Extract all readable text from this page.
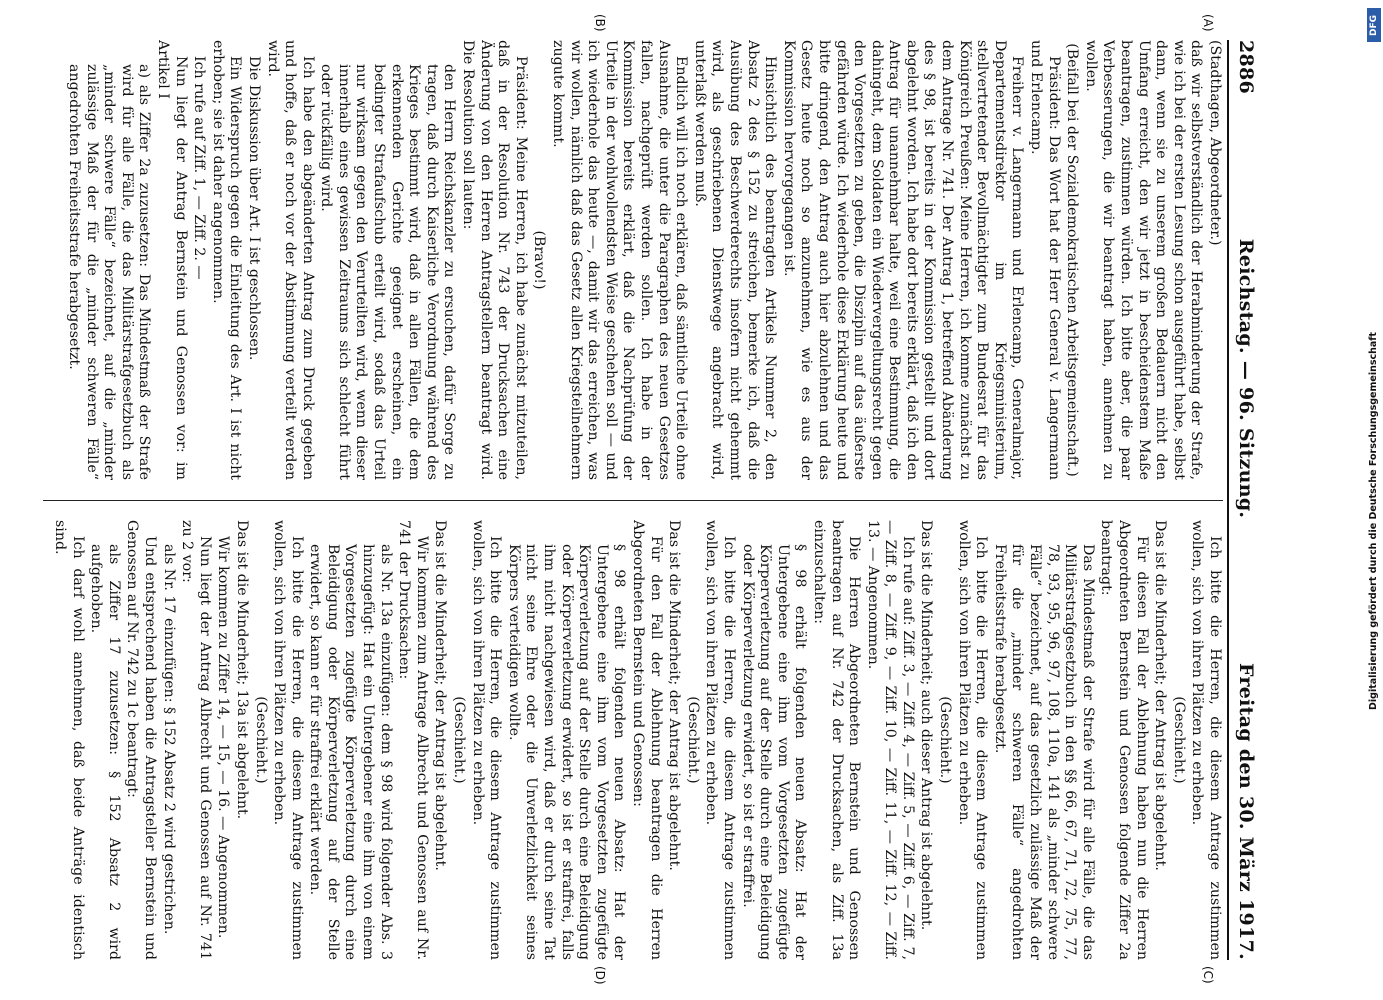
2886
Reichstag. — 96. Sitzung.
Freitag den 30. März 1917.
(A)
(B)
(C)
(D)

(Stadthagen, Abgeordneter.)

daß wir selbstverständlich der Herabminderung der Strafe, wie ich bei der ersten Lesung schon ausgeführt habe, selbst dann, wenn sie zu unserem großen Bedauern nicht den Umfang erreicht, den wir jetzt in bescheidenstem Maße beantragen, zustimmen würden. Ich bitte aber, die paar Verbesserungen, die wir beantragt haben, annehmen zu wollen.

(Beifall bei der Sozialdemokratischen Arbeitsgemeinschaft.)

Präsident: Das Wort hat der Herr General v. Langermann und Erlencamp.

Freiherr v. Langermann und Erlencamp, Generalmajor, Departementsdirektor im Kriegsministerium, stellvertretender Bevollmächtigter zum Bundesrat für das Königreich Preußen: Meine Herren, ich komme zunächst zu dem Antrage Nr. 741. Der Antrag 1, betreffend Abänderung des § 98, ist bereits in der Kommission gestellt und dort abgelehnt worden. Ich habe dort bereits erklärt, daß ich den Antrag für unannehmbar halte, weil eine Bestimmung, die dahingeht, dem Soldaten ein Wiedervergeltungsrecht gegen den Vorgesetzten zu geben, die Disziplin auf das äußerste gefährden würde. Ich wiederhole diese Erklärung heute und bitte dringend, den Antrag auch hier abzulehnen und das Gesetz heute noch so anzunehmen, wie es aus der Kommission hervorgegangen ist.

Hinsichtlich des beantragten Artikels Nummer 2, den Absatz 2 des § 152 zu streichen, bemerke ich, daß die Ausübung des Beschwerderechts insofern nicht gehemmt wird, als geschriebenen Dienstwege angebracht wird, unterlaßt werden muß.

Endlich will ich noch erklären, daß sämtliche Urteile ohne Ausnahme, die unter die Paragraphen des neuen Gesetzes fallen, nachgeprüft werden sollen. Ich habe in der Kommission bereits erklärt, daß die Nachprüfung der Urteile in der wohlwollendsten Weise geschehen soll — und ich wiederhole das heute —, damit wir das erreichen, was wir wollen, nämlich daß das Gesetz allen Kriegsteilnehmern zugute kommt.

(Bravo!)

Präsident: Meine Herren, ich habe zunächst mitzuteilen, daß in der Resolution Nr. 743 der Drucksachen eine Änderung von den Herren Antragstellern beantragt wird. Die Resolution soll lauten:

den Herrn Reichskanzler zu ersuchen, dafür Sorge zu tragen, daß durch Kaiserliche Verordnung während des Krieges bestimmt wird, daß in allen Fällen, die dem erkennenden Gerichte geeignet erscheinen, ein bedingter Strafaufschub erteilt wird, sodaß das Urteil nur wirksam gegen den Verurteilten wird, wenn dieser innerhalb eines gewissen Zeitraums sich schlecht führt oder rückfällig wird.

Ich habe den abgeänderten Antrag zum Druck gegeben und hoffe, daß er noch vor der Abstimmung verteilt werden wird.

Die Diskussion über Art. I ist geschlossen.

Ein Widerspruch gegen die Einleitung des Art. I ist nicht erhoben; sie ist daher angenommen.

Ich rufe auf Ziff. 1, — Ziff. 2. —

Nun liegt der Antrag Bernstein und Genossen vor: im Artikel I

a) als Ziffer 2a zuzusetzen: Das Mindestmaß der Strafe wird für alle Fälle, die das Militärstrafgesetzbuch als „minder schwere Fälle“ bezeichnet, auf die „minder zulässige Maß der für die „minder schweren Fälle“ angedrohten Freiheitsstrafe herabgesetzt.

Ich bitte die Herren, die diesem Antrage zustimmen wollen, sich von ihren Plätzen zu erheben.

(Geschieht.)

Das ist die Minderheit; der Antrag ist abgelehnt.

Für diesen Fall der Ablehnung haben nun die Herren Abgeordneten Bernstein und Genossen folgende Ziffer 2a beantragt:

Das Mindestmaß der Strafe wird für alle Fälle, die das Militärstrafgesetzbuch in den §§ 66, 67, 71, 72, 75, 77, 78, 93, 95, 96, 97, 108, 110a, 141 als „minder schwere Fälle“ bezeichnet, auf das gesetzlich zulässige Maß der für die „minder schweren Fälle“ angedrohten Freiheitsstrafe herabgesetzt.

Ich bitte die Herren, die diesem Antrage zustimmen wollen, sich von ihren Plätzen zu erheben.

(Geschieht.)

Das ist die Minderheit; auch dieser Antrag ist abgelehnt.

Ich rufe auf: Ziff. 3, — Ziff. 4, — Ziff. 5, — Ziff. 6, — Ziff. 7, — Ziff. 8, — Ziff. 9, — Ziff. 10, — Ziff. 11, — Ziff. 12, — Ziff. 13. — Angenommen.

Die Herren Abgeordneten Bernstein und Genossen beantragen auf Nr. 742 der Drucksachen, als Ziff. 13a einzuschalten:

§ 98 erhält folgenden neuen Absatz: Hat der Untergebene eine ihm vom Vorgesetzten zugefügte Körperverletzung auf der Stelle durch eine Beleidigung oder Körperverletzung erwidert, so ist er straffrei.

Ich bitte die Herren, die diesem Antrage zustimmen wollen, sich von ihren Plätzen zu erheben.

(Geschieht.)

Das ist die Minderheit; der Antrag ist abgelehnt.

Für den Fall der Ablehnung beantragen die Herren Abgeordneten Bernstein und Genossen:

§ 98 erhält folgenden neuen Absatz: Hat der Untergebene eine ihm vom Vorgesetzten zugefügte Körperverletzung auf der Stelle durch eine Beleidigung oder Körperverletzung erwidert, so ist er straffrei, falls ihm nicht nachgewiesen wird, daß er durch seine Tat nicht seine Ehre oder die Unverletzlichkeit seines Körpers verteidigen wollte.

Ich bitte die Herren, die diesem Antrage zustimmen wollen, sich von ihren Plätzen zu erheben.

(Geschieht.)

Das ist die Minderheit; der Antrag ist abgelehnt.

Wir kommen zum Antrage Albrecht und Genossen auf Nr. 741 der Drucksachen:

als Nr. 13a einzufügen: dem § 98 wird folgender Abs. 3 hinzugefügt: Hat ein Untergebener eine ihm von einem Vorgesetzten zugefügte Körperverletzung durch eine Beleidigung oder Körperverletzung auf der Stelle erwidert, so kann er für straffrei erklärt werden.

Ich bitte die Herren, die diesem Antrage zustimmen wollen, sich von ihren Plätzen zu erheben.

(Geschieht.)

Das ist die Minderheit; 13a ist abgelehnt.

Wir kommen zu Ziffer 14, — 15, — 16. — Angenommen.

Nun liegt der Antrag Albrecht und Genossen auf Nr. 741 zu 2 vor:

als Nr. 17 einzufügen: § 152 Absatz 2 wird gestrichen.

Und entsprechend haben die Antragsteller Bernstein und Genossen auf Nr. 742 zu 1c beantragt:

als Ziffer 17 zuzusetzen: § 152 Absatz 2 wird aufgehoben.

Ich darf wohl annehmen, daß beide Anträge identisch sind.

DFG
Digitalisierung gefördert durch die Deutsche Forschungsgemeinschaft
